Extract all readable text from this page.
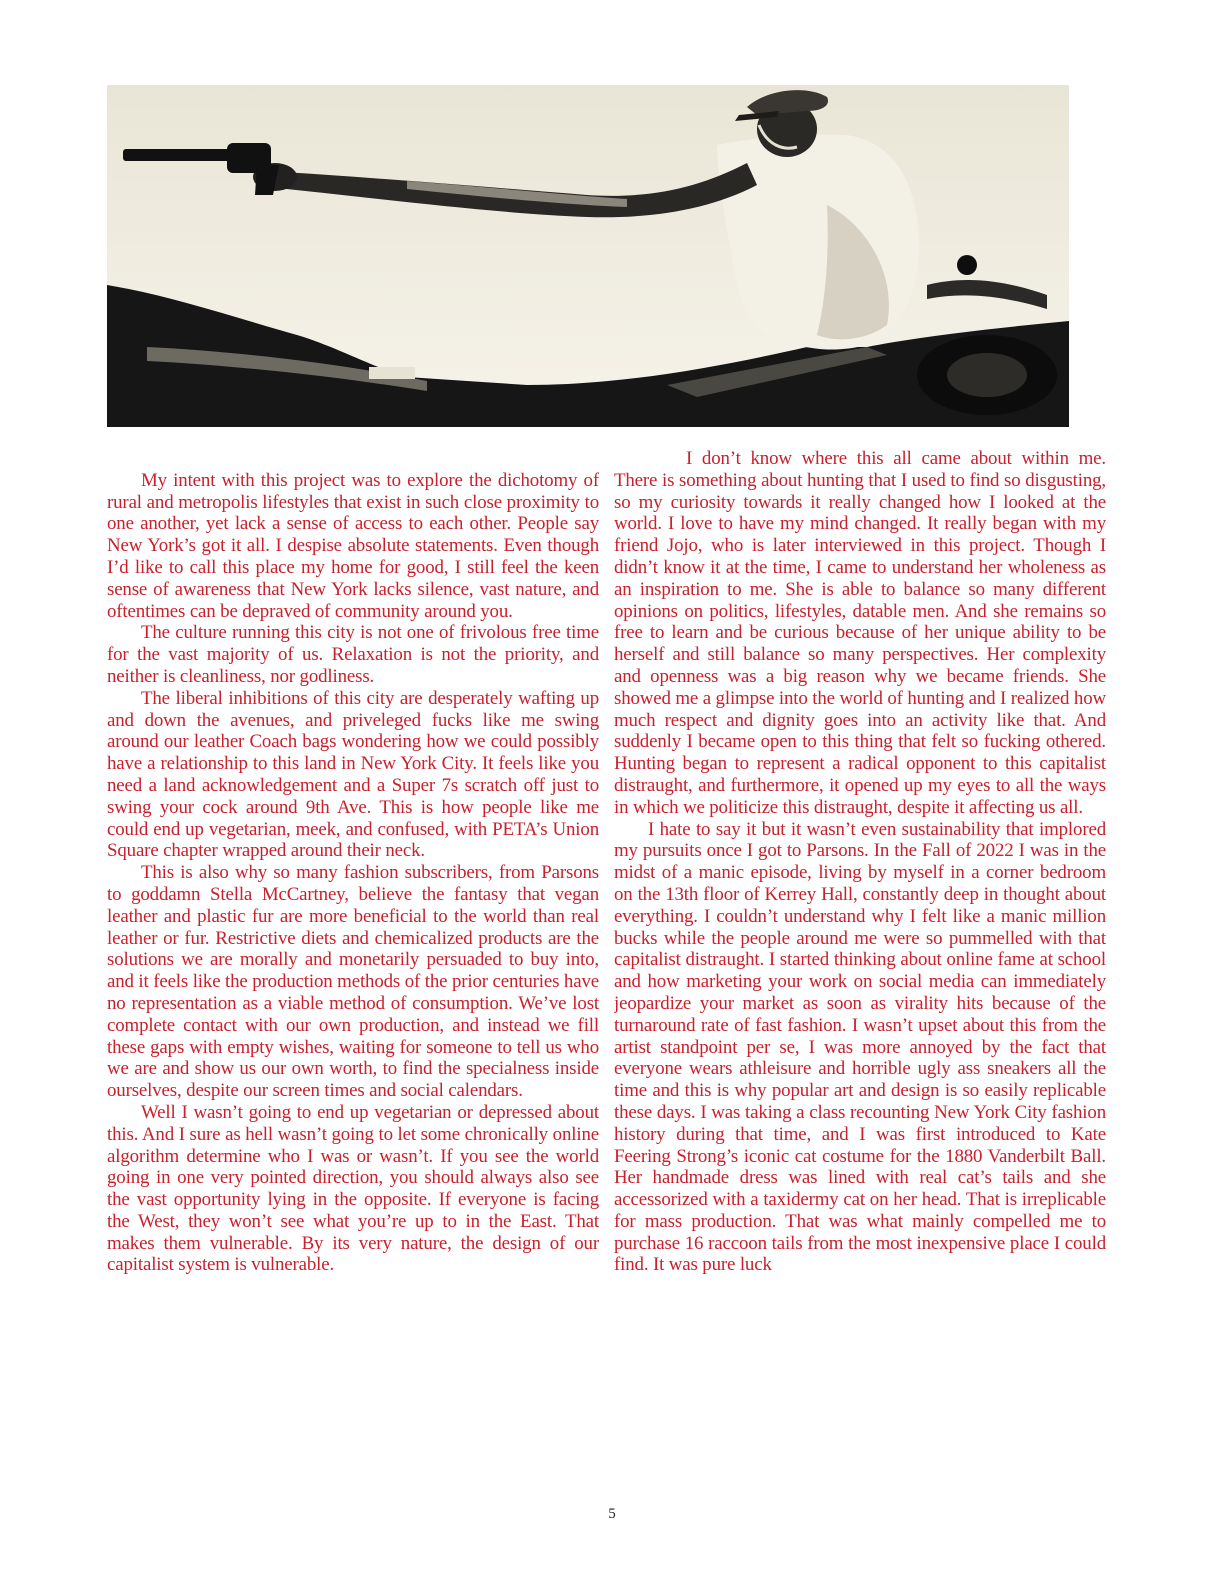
My intent with this project was to explore the dichotomy of rural and metropolis lifestyles that exist in such close proximity to one another, yet lack a sense of access to each other. People say New York’s got it all. I despise absolute statements. Even though I’d like to call this place my home for good, I still feel the keen sense of awareness that New York lacks silence, vast nature, and oftentimes can be depraved of community around you.

The culture running this city is not one of frivolous free time for the vast majority of us. Relaxation is not the priority, and neither is cleanliness, nor godliness.

The liberal inhibitions of this city are desperately wafting up and down the avenues, and priveleged fucks like me swing around our leather Coach bags wondering how we could possibly have a relationship to this land in New York City. It feels like you need a land acknowledgement and a Super 7s scratch off just to swing your cock around 9th Ave. This is how people like me could end up vegetarian, meek, and confused, with PETA’s Union Square chapter wrapped around their neck.

This is also why so many fashion subscribers, from Parsons to goddamn Stella McCartney, believe the fantasy that vegan leather and plastic fur are more beneficial to the world than real leather or fur. Restrictive diets and chemicalized products are the solutions we are morally and monetarily persuaded to buy into, and it feels like the production methods of the prior centuries have no representation as a viable method of consumption. We’ve lost complete contact with our own production, and instead we fill these gaps with empty wishes, waiting for someone to tell us who we are and show us our own worth, to find the specialness inside ourselves, despite our screen times and social calendars.

Well I wasn’t going to end up vegetarian or depressed about this. And I sure as hell wasn’t going to let some chronically online algorithm determine who I was or wasn’t. If you see the world going in one very pointed direction, you should always also see the vast opportunity lying in the opposite. If everyone is facing the West, they won’t see what you’re up to in the East. That makes them vulnerable. By its very nature, the design of our capitalist system is vulnerable.

I don’t know where this all came about within me. There is something about hunting that I used to find so disgusting, so my curiosity towards it really changed how I looked at the world. I love to have my mind changed. It really began with my friend Jojo, who is later interviewed in this project. Though I didn’t know it at the time, I came to understand her wholeness as an inspiration to me. She is able to balance so many different opinions on politics, lifestyles, datable men. And she remains so free to learn and be curious because of her unique ability to be herself and still balance so many perspectives. Her complexity and openness was a big reason why we became friends. She showed me a glimpse into the world of hunting and I realized how much respect and dignity goes into an activity like that. And suddenly I became open to this thing that felt so fucking othered. Hunting began to represent a radical opponent to this capitalist distraught, and furthermore, it opened up my eyes to all the ways in which we politicize this distraught, despite it affecting us all.

I hate to say it but it wasn’t even sustainability that implored my pursuits once I got to Parsons. In the Fall of 2022 I was in the midst of a manic episode, living by myself in a corner bedroom on the 13th floor of Kerrey Hall, constantly deep in thought about everything. I couldn’t understand why I felt like a manic million bucks while the people around me were so pummelled with that capitalist distraught. I started thinking about online fame at school and how marketing your work on social media can immediately jeopardize your market as soon as virality hits because of the turnaround rate of fast fashion. I wasn’t upset about this from the artist standpoint per se, I was more annoyed by the fact that everyone wears athleisure and horrible ugly ass sneakers all the time and this is why popular art and design is so easily replicable these days. I was taking a class recounting New York City fashion history during that time, and I was first introduced to Kate Feering Strong’s iconic cat costume for the 1880 Vanderbilt Ball. Her handmade dress was lined with real cat’s tails and she accessorized with a taxidermy cat on her head. That is irreplicable for mass production. That was what mainly compelled me to purchase 16 raccoon tails from the most inexpensive place I could find. It was pure luck

5
